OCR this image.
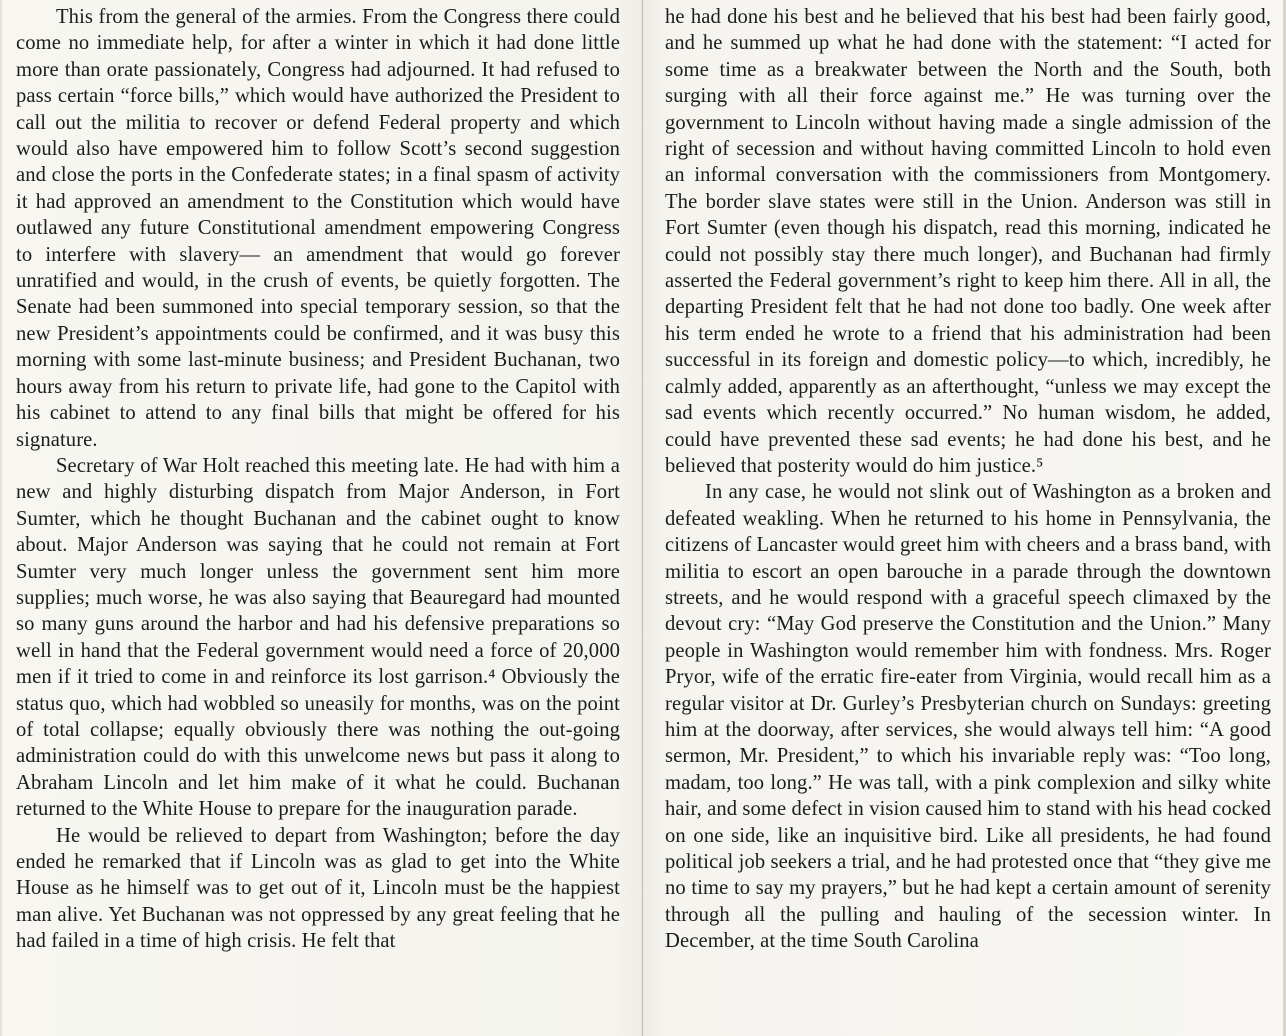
This from the general of the armies. From the Congress there could come no immediate help, for after a winter in which it had done little more than orate passionately, Congress had adjourned. It had refused to pass certain “force bills,” which would have authorized the President to call out the militia to recover or defend Federal property and which would also have empowered him to follow Scott’s second suggestion and close the ports in the Confederate states; in a final spasm of activity it had approved an amendment to the Constitution which would have outlawed any future Constitutional amendment empowering Congress to interfere with slavery— an amendment that would go forever unratified and would, in the crush of events, be quietly forgotten. The Senate had been summoned into special temporary session, so that the new President’s appointments could be confirmed, and it was busy this morning with some last-minute business; and President Buchanan, two hours away from his return to private life, had gone to the Capitol with his cabinet to attend to any final bills that might be offered for his signature.

Secretary of War Holt reached this meeting late. He had with him a new and highly disturbing dispatch from Major Anderson, in Fort Sumter, which he thought Buchanan and the cabinet ought to know about. Major Anderson was saying that he could not remain at Fort Sumter very much longer unless the government sent him more supplies; much worse, he was also saying that Beauregard had mounted so many guns around the harbor and had his defensive preparations so well in hand that the Federal government would need a force of 20,000 men if it tried to come in and reinforce its lost garrison.⁴ Obviously the status quo, which had wobbled so uneasily for months, was on the point of total collapse; equally obviously there was nothing the out-going administration could do with this unwelcome news but pass it along to Abraham Lincoln and let him make of it what he could. Buchanan returned to the White House to prepare for the inauguration parade.

He would be relieved to depart from Washington; before the day ended he remarked that if Lincoln was as glad to get into the White House as he himself was to get out of it, Lincoln must be the happiest man alive. Yet Buchanan was not oppressed by any great feeling that he had failed in a time of high crisis. He felt that

he had done his best and he believed that his best had been fairly good, and he summed up what he had done with the statement: “I acted for some time as a breakwater between the North and the South, both surging with all their force against me.” He was turning over the government to Lincoln without having made a single admission of the right of secession and without having committed Lincoln to hold even an informal conversation with the commissioners from Montgomery. The border slave states were still in the Union. Anderson was still in Fort Sumter (even though his dispatch, read this morning, indicated he could not possibly stay there much longer), and Buchanan had firmly asserted the Federal government’s right to keep him there. All in all, the departing President felt that he had not done too badly. One week after his term ended he wrote to a friend that his administration had been successful in its foreign and domestic policy—to which, incredibly, he calmly added, apparently as an afterthought, “unless we may except the sad events which recently occurred.” No human wisdom, he added, could have prevented these sad events; he had done his best, and he believed that posterity would do him justice.⁵

In any case, he would not slink out of Washington as a broken and defeated weakling. When he returned to his home in Pennsylvania, the citizens of Lancaster would greet him with cheers and a brass band, with militia to escort an open barouche in a parade through the downtown streets, and he would respond with a graceful speech climaxed by the devout cry: “May God preserve the Constitution and the Union.” Many people in Washington would remember him with fondness. Mrs. Roger Pryor, wife of the erratic fire-eater from Virginia, would recall him as a regular visitor at Dr. Gurley’s Presbyterian church on Sundays: greeting him at the doorway, after services, she would always tell him: “A good sermon, Mr. President,” to which his invariable reply was: “Too long, madam, too long.” He was tall, with a pink complexion and silky white hair, and some defect in vision caused him to stand with his head cocked on one side, like an inquisitive bird. Like all presidents, he had found political job seekers a trial, and he had protested once that “they give me no time to say my prayers,” but he had kept a certain amount of serenity through all the pulling and hauling of the secession winter. In December, at the time South Carolina
